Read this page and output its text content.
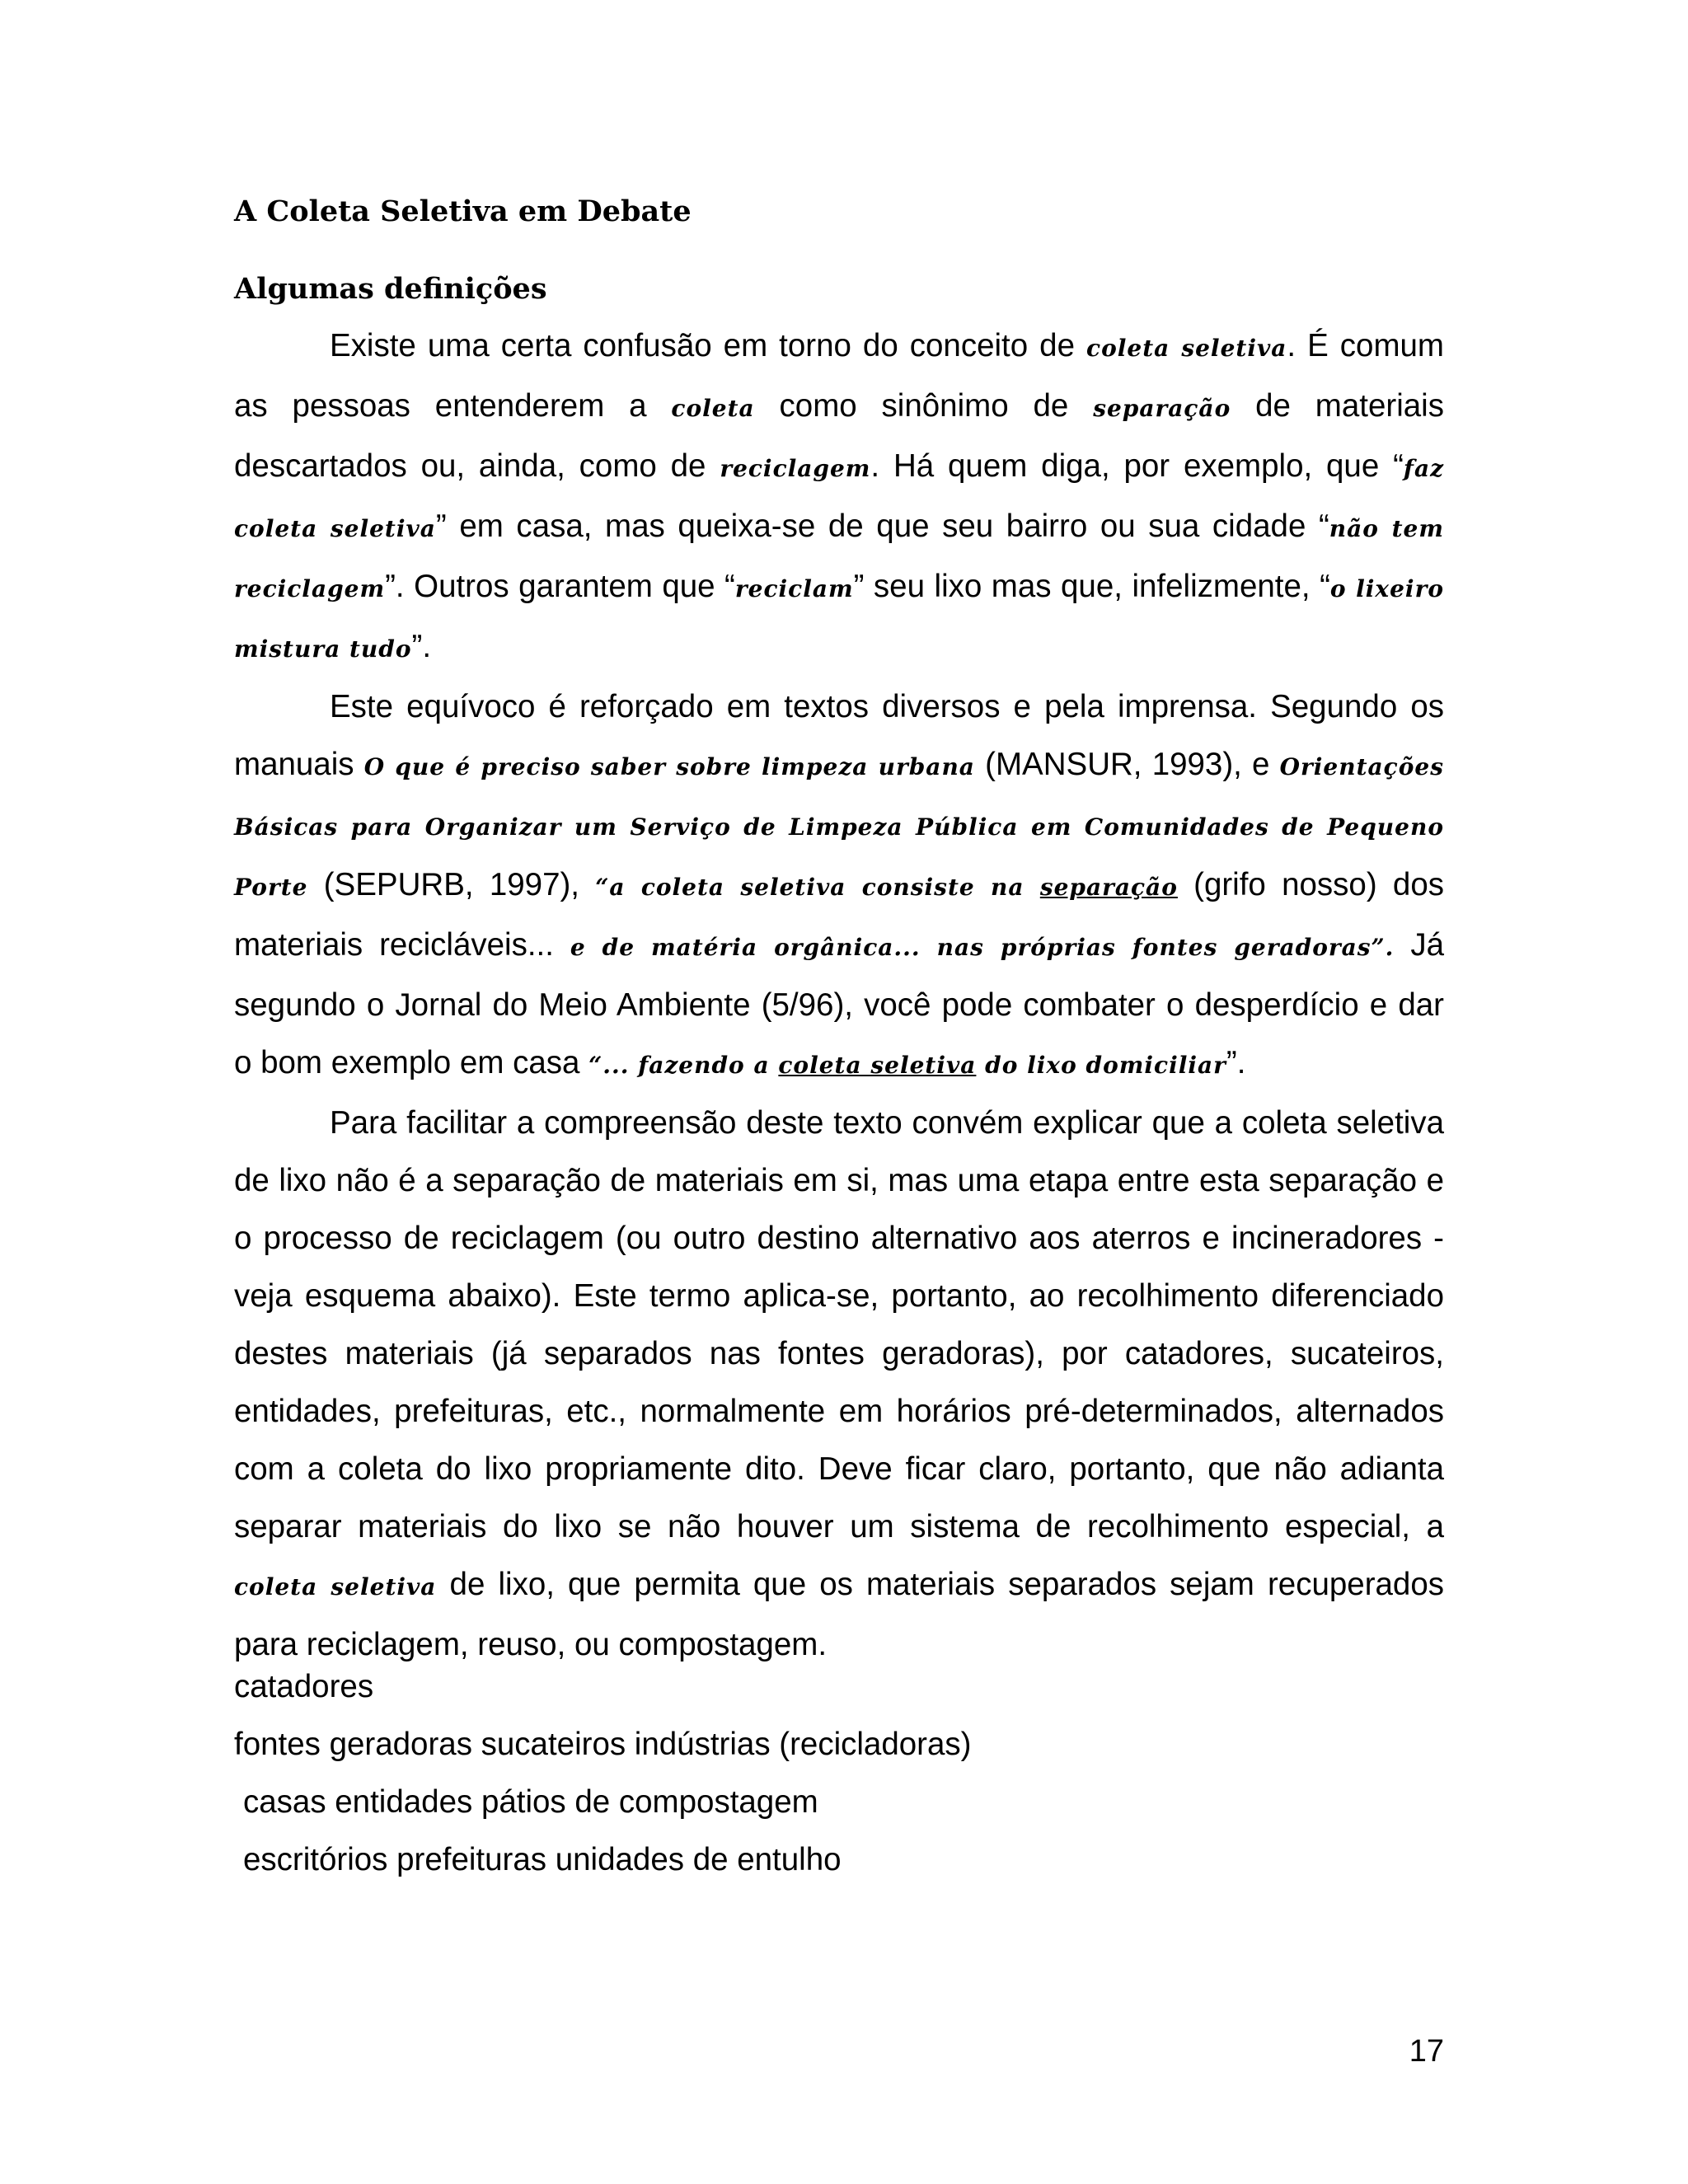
A Coleta Seletiva em Debate
Algumas definições

Existe uma certa confusão em torno do conceito de coleta seletiva. É comum as pessoas entenderem a coleta como sinônimo de separação de materiais descartados ou, ainda, como de reciclagem. Há quem diga, por exemplo, que “faz coleta seletiva” em casa, mas queixa-se de que seu bairro ou sua cidade “não tem reciclagem”. Outros garantem que “reciclam” seu lixo mas que, infelizmente, “o lixeiro mistura tudo”.

Este equívoco é reforçado em textos diversos e pela imprensa. Segundo os manuais O que é preciso saber sobre limpeza urbana (MANSUR, 1993), e Orientações Básicas para Organizar um Serviço de Limpeza Pública em Comunidades de Pequeno Porte (SEPURB, 1997), “a coleta seletiva consiste na separação (grifo nosso) dos materiais recicláveis... e de matéria orgânica... nas próprias fontes geradoras”. Já segundo o Jornal do Meio Ambiente (5/96), você pode combater o desperdício e dar o bom exemplo em casa “... fazendo a coleta seletiva do lixo domiciliar”.

Para facilitar a compreensão deste texto convém explicar que a coleta seletiva de lixo não é a separação de materiais em si, mas uma etapa entre esta separação e o processo de reciclagem (ou outro destino alternativo aos aterros e incineradores - veja esquema abaixo). Este termo aplica-se, portanto, ao recolhimento diferenciado destes materiais (já separados nas fontes geradoras), por catadores, sucateiros, entidades, prefeituras, etc., normalmente em horários pré-determinados, alternados com a coleta do lixo propriamente dito. Deve ficar claro, portanto, que não adianta separar materiais do lixo se não houver um sistema de recolhimento especial, a coleta seletiva de lixo, que permita que os materiais separados sejam recuperados para reciclagem, reuso, ou compostagem.

catadores
fontes geradoras sucateiros indústrias (recicladoras)
casas entidades pátios de compostagem
escritórios prefeituras unidades de entulho
17
